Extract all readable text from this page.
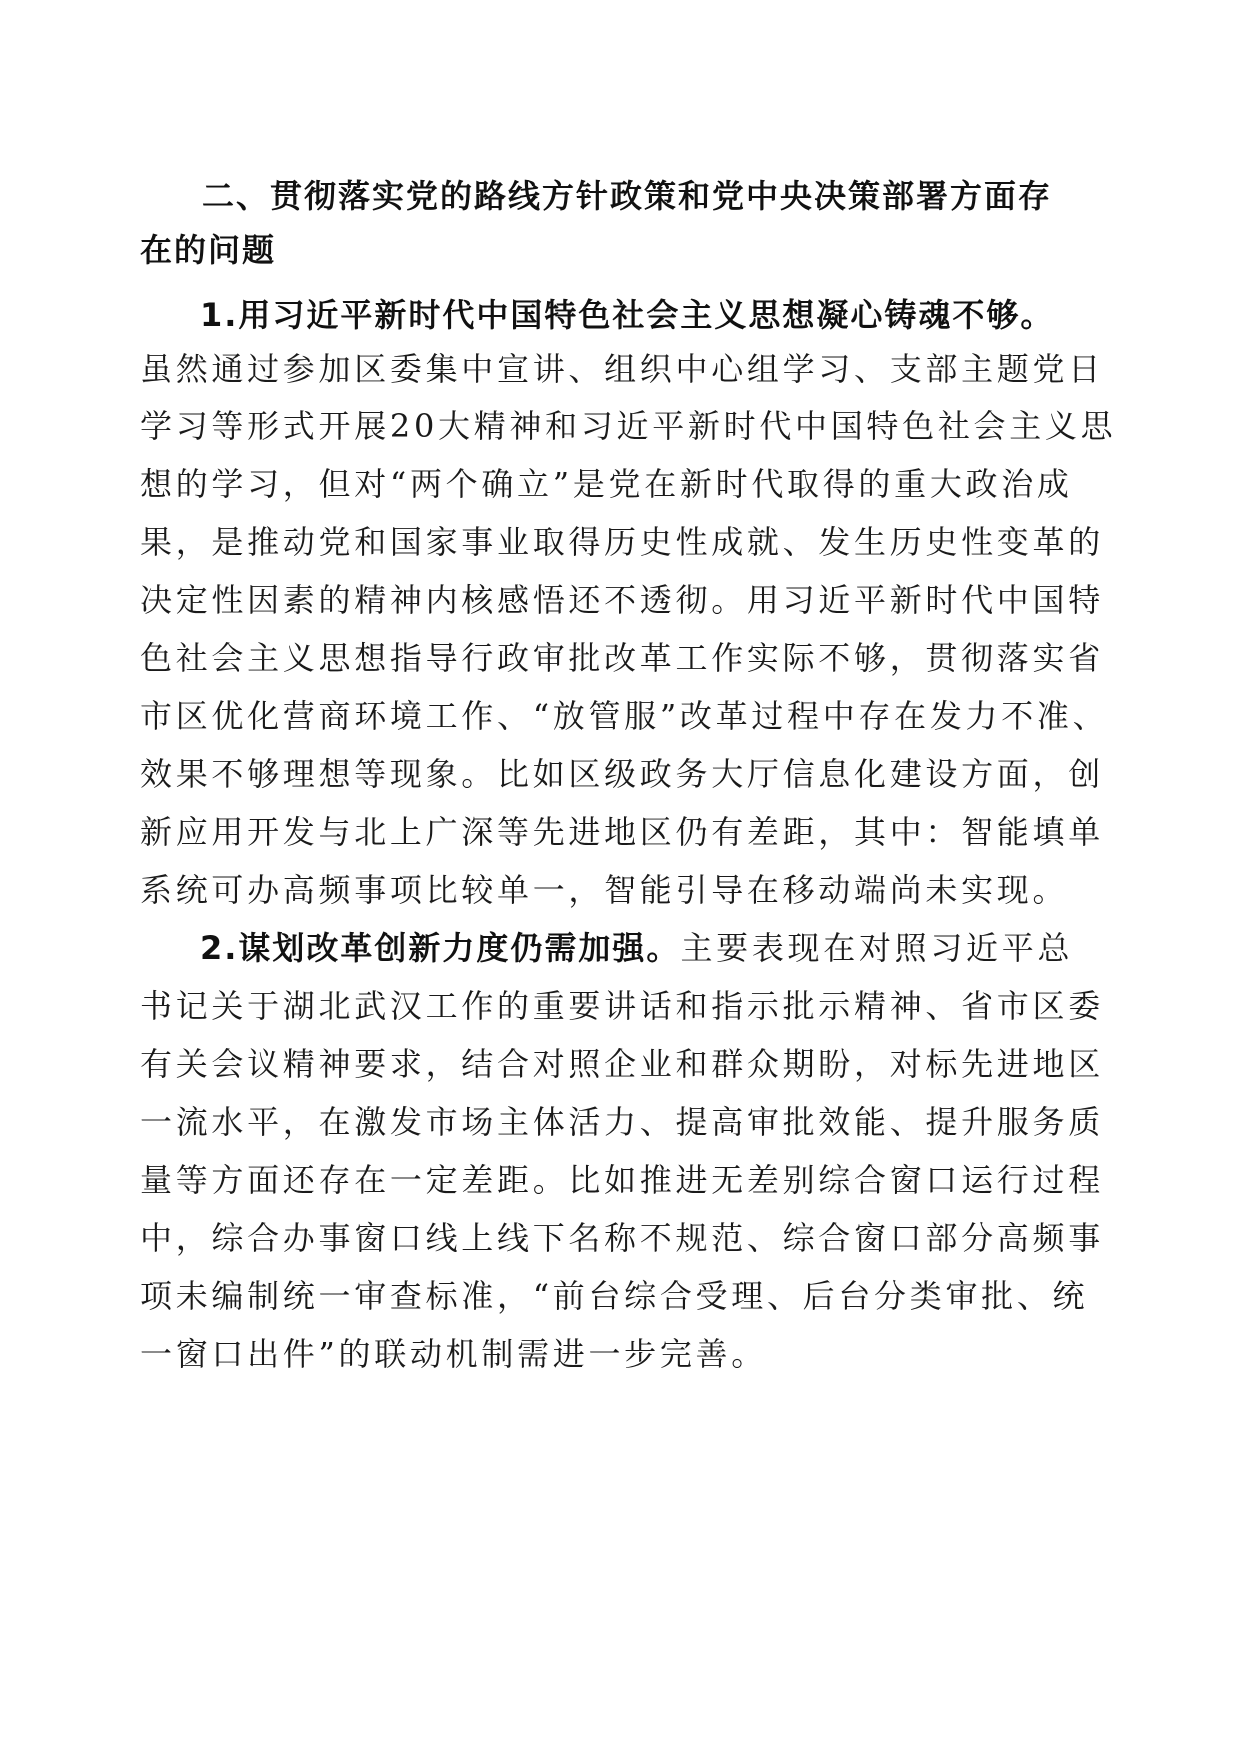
二、贯彻落实党的路线方针政策和党中央决策部署方面存
在的问题
1.用习近平新时代中国特色社会主义思想凝心铸魂不够。
虽然通过参加区委集中宣讲、组织中心组学习、支部主题党日
学习等形式开展20大精神和习近平新时代中国特色社会主义思
想的学习，但对“两个确立”是党在新时代取得的重大政治成
果，是推动党和国家事业取得历史性成就、发生历史性变革的
决定性因素的精神内核感悟还不透彻。用习近平新时代中国特
色社会主义思想指导行政审批改革工作实际不够，贯彻落实省
市区优化营商环境工作、“放管服”改革过程中存在发力不准、
效果不够理想等现象。比如区级政务大厅信息化建设方面，创
新应用开发与北上广深等先进地区仍有差距，其中：智能填单
系统可办高频事项比较单一，智能引导在移动端尚未实现。
2.谋划改革创新力度仍需加强。主要表现在对照习近平总
书记关于湖北武汉工作的重要讲话和指示批示精神、省市区委
有关会议精神要求，结合对照企业和群众期盼，对标先进地区
一流水平，在激发市场主体活力、提高审批效能、提升服务质
量等方面还存在一定差距。比如推进无差别综合窗口运行过程
中，综合办事窗口线上线下名称不规范、综合窗口部分高频事
项未编制统一审查标准，“前台综合受理、后台分类审批、统
一窗口出件”的联动机制需进一步完善。
